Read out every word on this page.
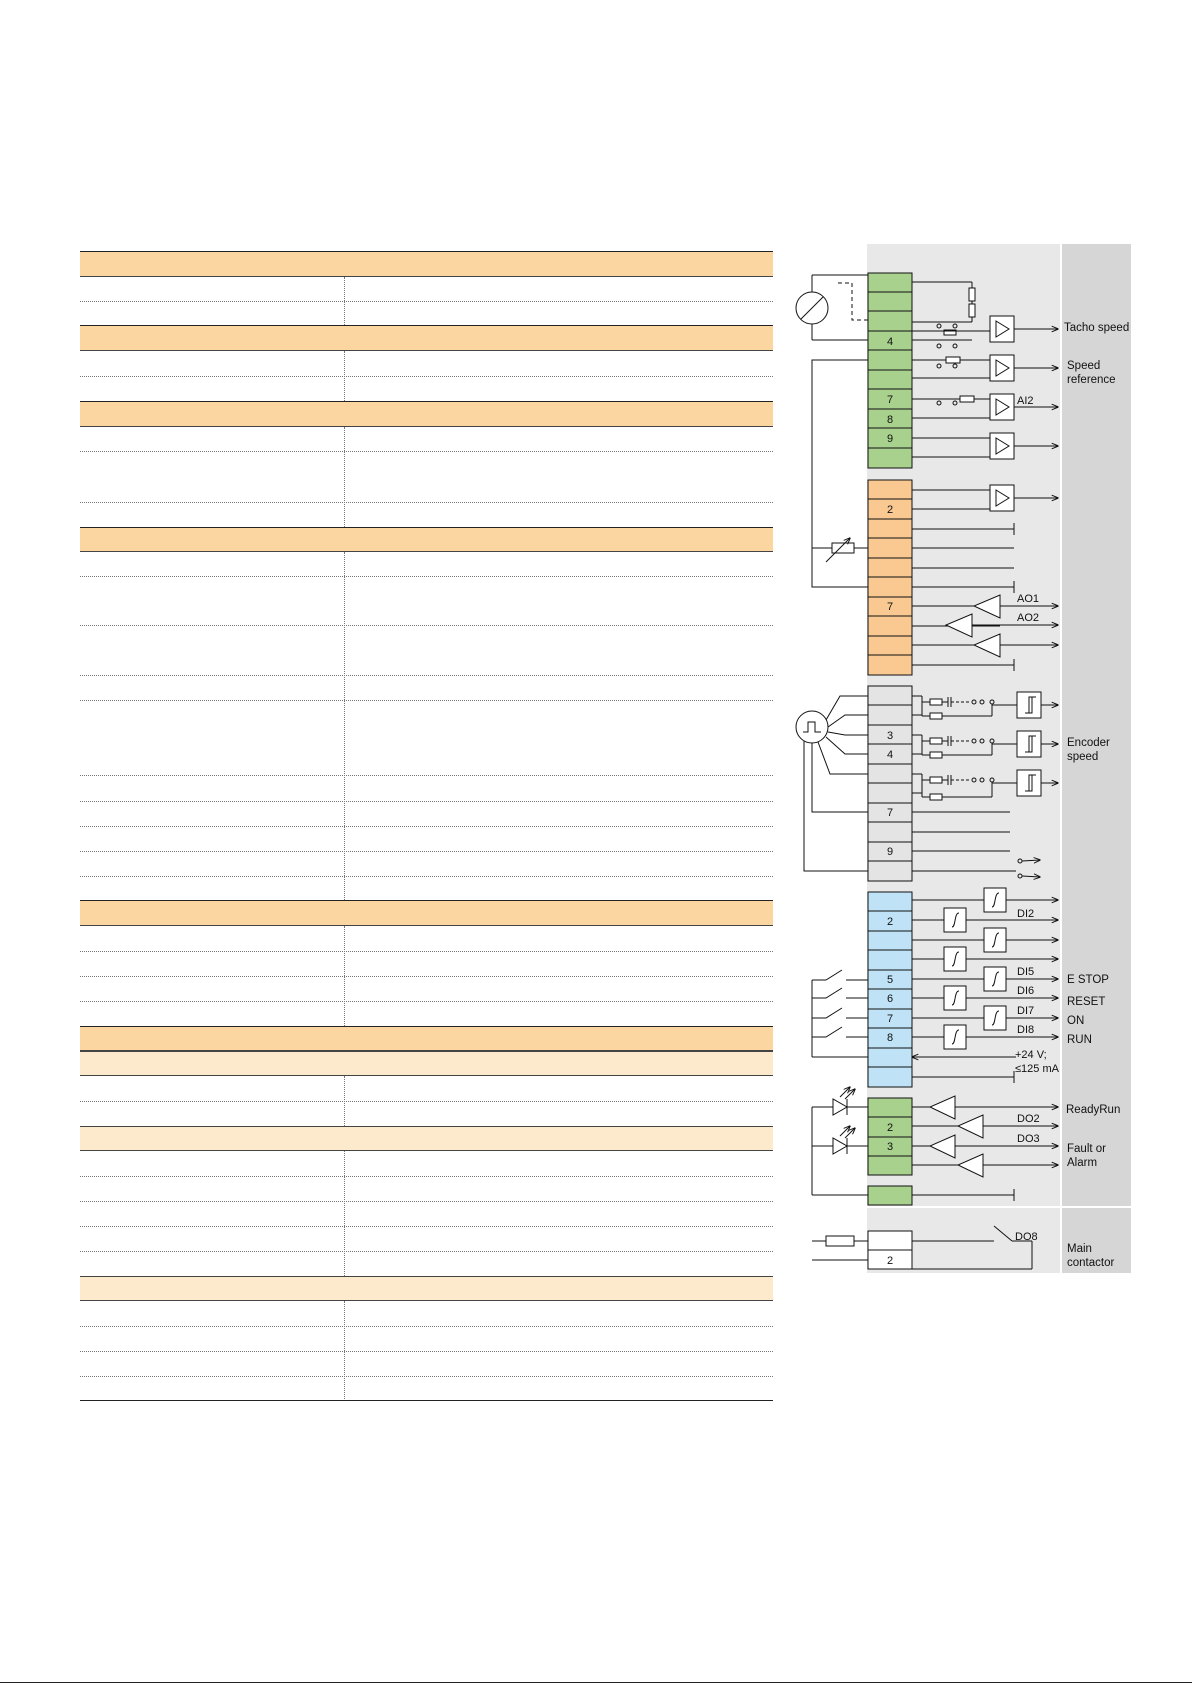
4
7
8
9
2
7
3
4
7
9
2
5
6
7
8
2
3
2
AI2
AO1
AO2
DI2
DI5
DI6
DI7
DI8
+24 V;
≤125 mA
DO2
DO3
DO8
Tacho speed
Speed
reference
Encoder
speed
E STOP
RESET
ON
RUN
ReadyRun
Fault or
Alarm
Main
contactor
